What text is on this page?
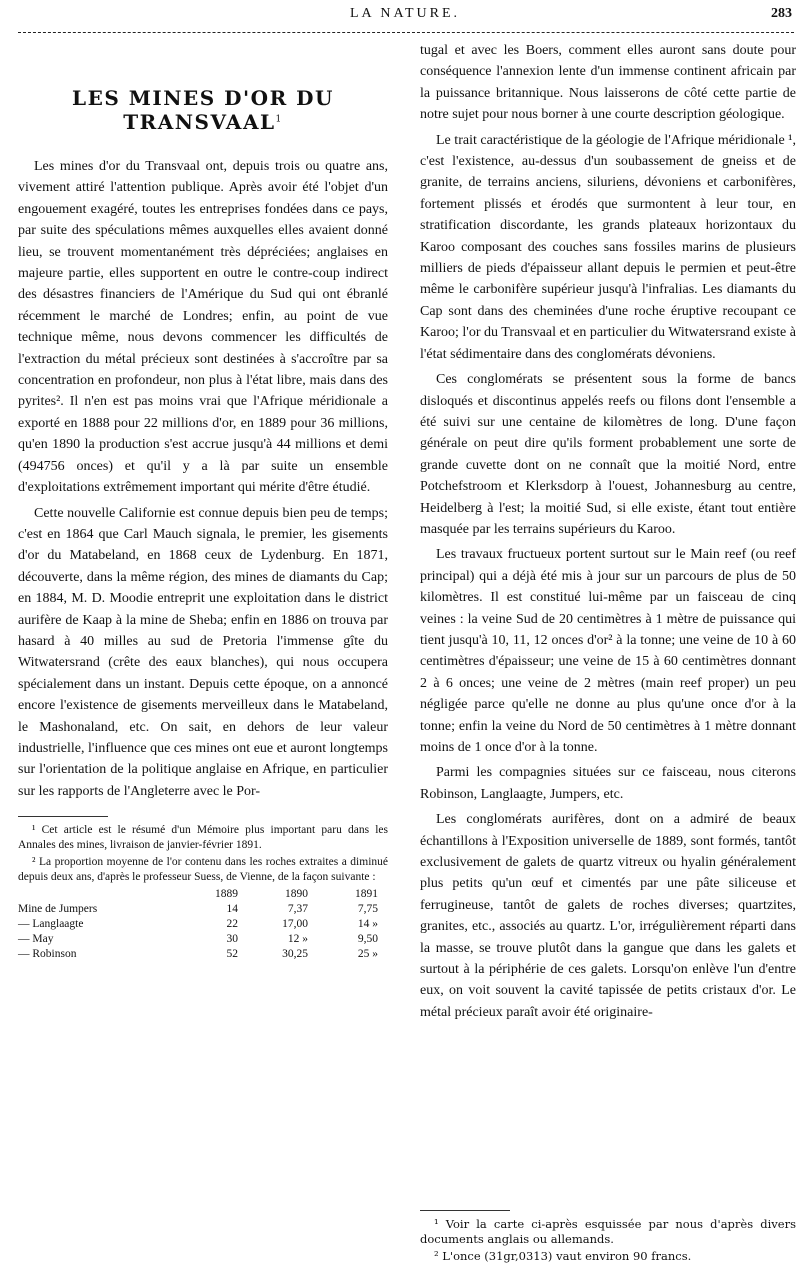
LA NATURE.	283
LES MINES D'OR DU TRANSVAAL$^1$

Les mines d'or du Transvaal ont, depuis trois ou quatre ans, vivement attiré l'attention publique. Après avoir été l'objet d'un engouement exagéré, toutes les entreprises fondées dans ce pays, par suite des spéculations mêmes auxquelles elles avaient donné lieu, se trouvent momentanément très dépréciées; anglaises en majeure partie, elles supportent en outre le contre-coup indirect des désastres financiers de l'Amérique du Sud qui ont ébranlé récemment le marché de Londres; enfin, au point de vue technique même, nous devons commencer les difficultés de l'extraction du métal précieux sont destinées à s'accroître par sa concentration en profondeur, non plus à l'état libre, mais dans des pyrites². Il n'en est pas moins vrai que l'Afrique méridionale a exporté en 1888 pour 22 millions d'or, en 1889 pour 36 millions, qu'en 1890 la production s'est accrue jusqu'à 44 millions et demi (494756 onces) et qu'il y a là par suite un ensemble d'exploitations extrêmement important qui mérite d'être étudié.

Cette nouvelle Californie est connue depuis bien peu de temps; c'est en 1864 que Carl Mauch signala, le premier, les gisements d'or du Matabeland, en 1868 ceux de Lydenburg. En 1871, découverte, dans la même région, des mines de diamants du Cap; en 1884, M. D. Moodie entreprit une exploitation dans le district aurifère de Kaap à la mine de Sheba; enfin en 1886 on trouva par hasard à 40 milles au sud de Pretoria l'immense gîte du Witwatersrand (crête des eaux blanches), qui nous occupera spécialement dans un instant. Depuis cette époque, on a annoncé encore l'existence de gisements merveilleux dans le Matabeland, le Mashonaland, etc. On sait, en dehors de leur valeur industrielle, l'influence que ces mines ont eue et auront longtemps sur l'orientation de la politique anglaise en Afrique, en particulier sur les rapports de l'Angleterre avec le Por-

¹ Cet article est le résumé d'un Mémoire plus important paru dans les Annales des mines, livraison de janvier-février 1891.

² La proportion moyenne de l'or contenu dans les roches extraites a diminué depuis deux ans, d'après le professeur Suess, de Vienne, de la façon suivante :

	1889	1890	1891
Mine de Jumpers	14	7,37	7,75
— Langlaagte	22	17,00	14 »
— May	30	12 »	9,50
— Robinson	52	30,25	25 »

tugal et avec les Boers, comment elles auront sans doute pour conséquence l'annexion lente d'un immense continent africain par la puissance britannique. Nous laisserons de côté cette partie de notre sujet pour nous borner à une courte description géologique.

Le trait caractéristique de la géologie de l'Afrique méridionale ¹, c'est l'existence, au-dessus d'un soubassement de gneiss et de granite, de terrains anciens, siluriens, dévoniens et carbonifères, fortement plissés et érodés que surmontent à leur tour, en stratification discordante, les grands plateaux horizontaux du Karoo composant des couches sans fossiles marins de plusieurs milliers de pieds d'épaisseur allant depuis le permien et peut-être même le carbonifère supérieur jusqu'à l'infralias. Les diamants du Cap sont dans des cheminées d'une roche éruptive recoupant ce Karoo; l'or du Transvaal et en particulier du Witwatersrand existe à l'état sédimentaire dans des conglomérats dévoniens.

Ces conglomérats se présentent sous la forme de bancs disloqués et discontinus appelés reefs ou filons dont l'ensemble a été suivi sur une centaine de kilomètres de long. D'une façon générale on peut dire qu'ils forment probablement une sorte de grande cuvette dont on ne connaît que la moitié Nord, entre Potchefstroom et Klerksdorp à l'ouest, Johannesburg au centre, Heidelberg à l'est; la moitié Sud, si elle existe, étant tout entière masquée par les terrains supérieurs du Karoo.

Les travaux fructueux portent surtout sur le Main reef (ou reef principal) qui a déjà été mis à jour sur un parcours de plus de 50 kilomètres. Il est constitué lui-même par un faisceau de cinq veines : la veine Sud de 20 centimètres à 1 mètre de puissance qui tient jusqu'à 10, 11, 12 onces d'or² à la tonne; une veine de 10 à 60 centimètres d'épaisseur; une veine de 15 à 60 centimètres donnant 2 à 6 onces; une veine de 2 mètres (main reef proper) un peu négligée parce qu'elle ne donne au plus qu'une once d'or à la tonne; enfin la veine du Nord de 50 centimètres à 1 mètre donnant moins de 1 once d'or à la tonne.

Parmi les compagnies situées sur ce faisceau, nous citerons Robinson, Langlaagte, Jumpers, etc.

Les conglomérats aurifères, dont on a admiré de beaux échantillons à l'Exposition universelle de 1889, sont formés, tantôt exclusivement de galets de quartz vitreux ou hyalin généralement plus petits qu'un œuf et cimentés par une pâte siliceuse et ferrugineuse, tantôt de galets de roches diverses; quartzites, granites, etc., associés au quartz. L'or, irrégulièrement réparti dans la masse, se trouve plutôt dans la gangue que dans les galets et surtout à la périphérie de ces galets. Lorsqu'on enlève l'un d'entre eux, on voit souvent la cavité tapissée de petits cristaux d'or. Le métal précieux paraît avoir été originaire-

¹ Voir la carte ci-après esquissée par nous d'après divers documents anglais ou allemands.

² L'once (31gr,0313) vaut environ 90 francs.
